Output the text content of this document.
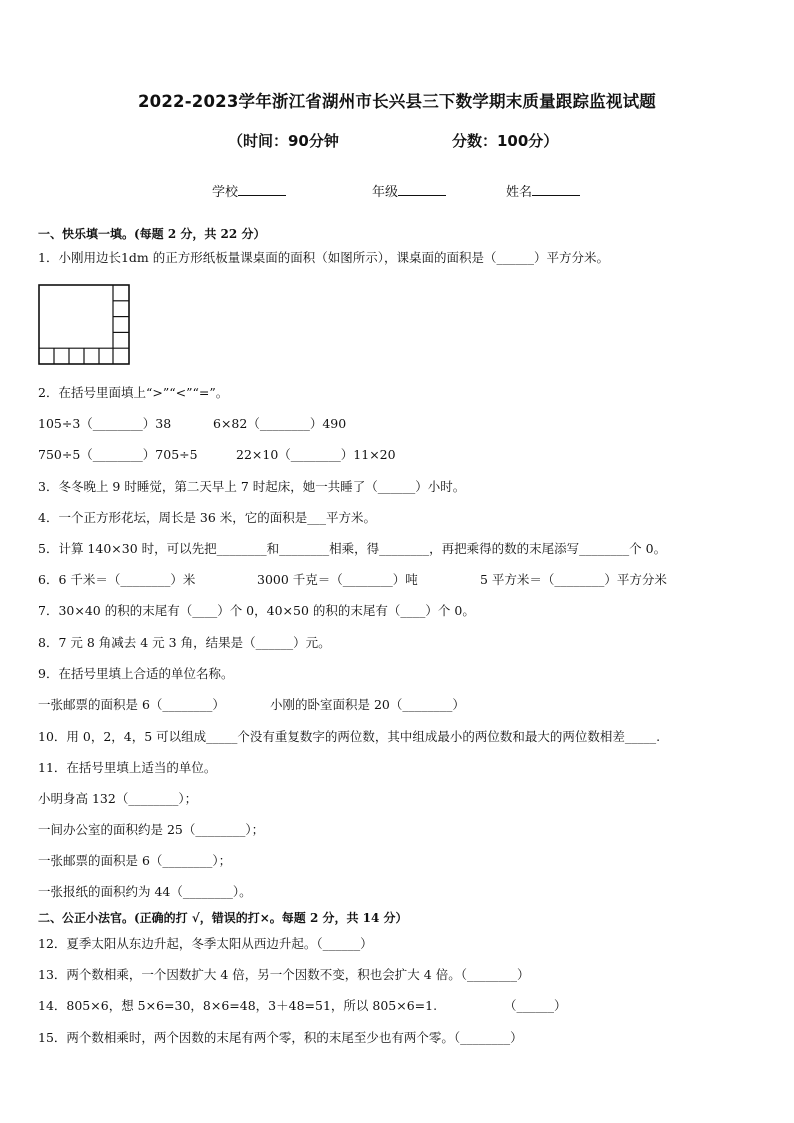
2022-2023学年浙江省湖州市长兴县三下数学期末质量跟踪监视试题
（时间：90分钟	分数：100分）
学校	年级	姓名
一、快乐填一填。(每题 2 分，共 22 分）
1．小刚用边长1dm 的正方形纸板量课桌面的面积（如图所示），课桌面的面积是（______）平方分米。
2．在括号里面填上“>”“<”“=”。
105÷3（________）38	6×82（________）490
750÷5（________）705÷5	22×10（________）11×20
3．冬冬晚上 9 时睡觉，第二天早上 7 时起床，她一共睡了（______）小时。
4．一个正方形花坛，周长是 36 米，它的面积是___平方米。
5．计算 140×30 时，可以先把________和________相乘，得________，再把乘得的数的末尾添写________个 0。
6．6 千米＝（________）米	3000 千克＝（________）吨	5 平方米＝（________）平方分米
7．30×40 的积的末尾有（____）个 0，40×50 的积的末尾有（____）个 0。
8．7 元 8 角减去 4 元 3 角，结果是（______）元。
9．在括号里填上合适的单位名称。
一张邮票的面积是 6（________）	小刚的卧室面积是 20（________）
10．用 0，2，4，5 可以组成_____个没有重复数字的两位数，其中组成最小的两位数和最大的两位数相差_____.
11．在括号里填上适当的单位。
小明身高 132（________）；
一间办公室的面积约是 25（________）；
一张邮票的面积是 6（________）；
一张报纸的面积约为 44（________）。
二、公正小法官。(正确的打 √，错误的打×。每题 2 分，共 14 分）
12．夏季太阳从东边升起，冬季太阳从西边升起。（______）
13．两个数相乘，一个因数扩大 4 倍，另一个因数不变，积也会扩大 4 倍。（________）
14．805×6，想 5×6=30，8×6=48，3＋48=51，所以 805×6=1.	（______）
15．两个数相乘时，两个因数的末尾有两个零，积的末尾至少也有两个零。（________）
